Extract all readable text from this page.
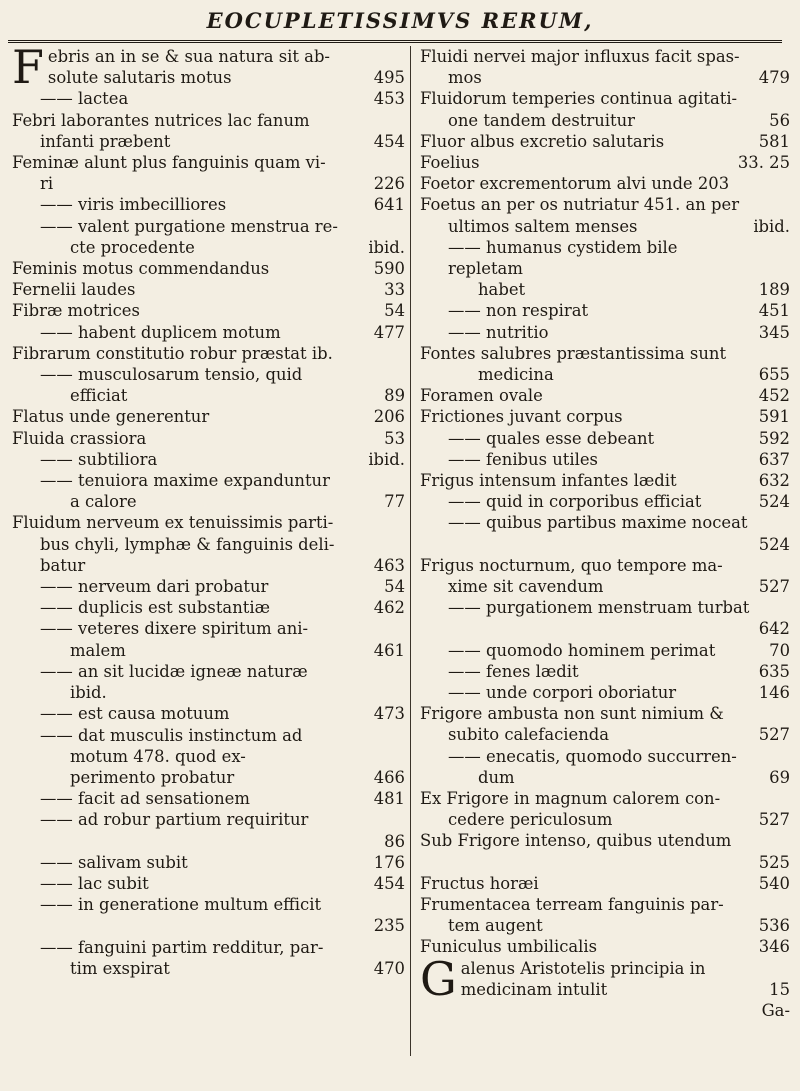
EOCUPLETISSIMVS RERUM,
F ebris an in se & sua natura sit ab-
solute salutaris motus	495
—— lactea	453
Febri laborantes nutrices lac fanum
infanti præbent	454
Feminæ alunt plus fanguinis quam vi-
ri	226
—— viris imbecilliores	641
—— valent purgatione menstrua re-
cte procedente	ibid.
Feminis motus commendandus	590
Fernelii laudes	33
Fibræ motrices	54
—— habent duplicem motum	477
Fibrarum constitutio robur præstat ib.
—— musculosarum tensio, quid
efficiat	89
Flatus unde generentur	206
Fluida crassiora	53
—— subtiliora	ibid.
—— tenuiora maxime expanduntur
a calore	77
Fluidum nerveum ex tenuissimis parti-
bus chyli, lymphæ & fanguinis deli-
batur	463
—— nerveum dari probatur	54
—— duplicis est substantiæ	462
—— veteres dixere spiritum ani-
malem	461
—— an sit lucidæ igneæ naturæ
ibid.
—— est causa motuum	473
—— dat musculis instinctum ad
motum 478. quod ex-
perimento probatur	466
—— facit ad sensationem	481
—— ad robur partium requiritur
86
—— salivam subit	176
—— lac subit	454
—— in generatione multum efficit
235
—— fanguini partim redditur, par-
tim exspirat	470
Fluidi nervei major influxus facit spas-
mos	479
Fluidorum temperies continua agitati-
one tandem destruitur	56
Fluor albus excretio salutaris	581
Foelius	33. 25
Foetor excrementorum alvi unde 203
Foetus an per os nutriatur 451. an per
ultimos saltem menses	ibid.
—— humanus cystidem bile repletam
habet	189
—— non respirat	451
—— nutritio	345
Fontes salubres præstantissima sunt
medicina	655
Foramen ovale	452
Frictiones juvant corpus	591
—— quales esse debeant	592
—— fenibus utiles	637
Frigus intensum infantes lædit	632
—— quid in corporibus efficiat	524
—— quibus partibus maxime noceat
524
Frigus nocturnum, quo tempore ma-
xime sit cavendum	527
—— purgationem menstruam turbat
642
—— quomodo hominem perimat	70
—— fenes lædit	635
—— unde corpori oboriatur	146
Frigore ambusta non sunt nimium &
subito calefacienda	527
—— enecatis, quomodo succurren-
dum	69
Ex Frigore in magnum calorem con-
cedere periculosum	527
Sub Frigore intenso, quibus utendum
525
Fructus horæi	540
Frumentacea terream fanguinis par-
tem augent	536
Funiculus umbilicalis	346
G alenus Aristotelis principia in
medicinam intulit	15
Ga-
